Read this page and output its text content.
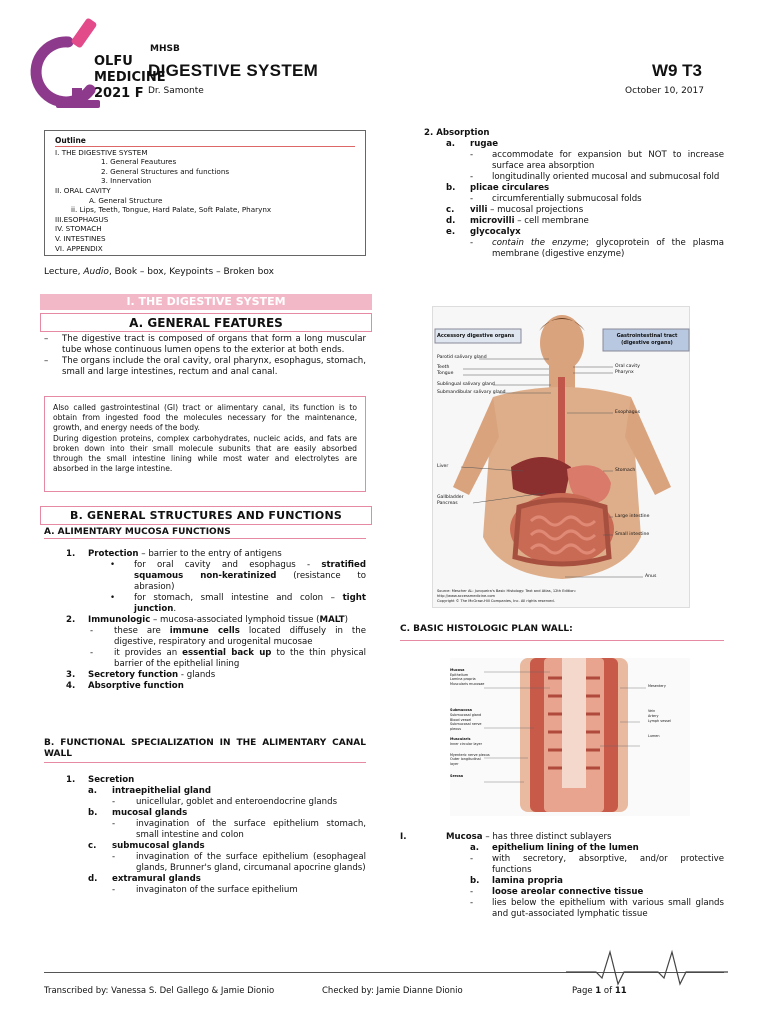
OLFU
MEDICINE
2021 F
MHSB
DIGESTIVE SYSTEM
Dr. Samonte
W9 T3
October 10, 2017
Outline
I. THE DIGESTIVE SYSTEM
1. General Feautures
2. General Structures and functions
3. Innervation
II. ORAL CAVITY
A. General Structure
ii. Lips, Teeth, Tongue, Hard Palate, Soft Palate, Pharynx
III.ESOPHAGUS
IV. STOMACH
V. INTESTINES
VI. APPENDIX
Lecture, Audio, Book – box, Keypoints – Broken box
I. THE DIGESTIVE SYSTEM
A. GENERAL FEATURES
–	The digestive tract is composed of organs that form a long muscular tube whose continuous lumen opens to the exterior at both ends.
–	The organs include the oral cavity, oral pharynx, esophagus, stomach, small and large intestines, rectum and anal canal.
Also called gastrointestinal (GI) tract or alimentary canal, its function is to obtain from ingested food the molecules necessary for the maintenance, growth, and energy needs of the body.
During digestion proteins, complex carbohydrates, nucleic acids, and fats are broken down into their small molecule subunits that are easily absorbed through the small intestine lining while most water and electrolytes are absorbed in the large intestine.
B. GENERAL STRUCTURES AND FUNCTIONS
A. ALIMENTARY MUCOSA FUNCTIONS
1.	Protection – barrier to the entry of antigens
•	for oral cavity and esophagus - stratified squamous non-keratinized (resistance to abrasion)
•	for stomach, small intestine and colon – tight junction.
2.	Immunologic – mucosa-associated lymphoid tissue (MALT)
-	these are immune cells located diffusely in the digestive, respiratory and urogenital mucosae
-	it provides an essential back up to the thin physical barrier of the epithelial lining
3.	Secretory function - glands
4.	Absorptive function
B. FUNCTIONAL SPECIALIZATION IN THE ALIMENTARY CANAL WALL
1.	Secretion
a.	intraepithelial gland
-	unicellular, goblet and enteroendocrine glands
b.	mucosal glands
-	invagination of the surface epithelium stomach, small intestine and colon
c.	submucosal glands
-	invagination of the surface epithelium (esophageal glands, Brunner's gland, circumanal apocrine glands)
d.	extramural glands
-	invaginaton of the surface epithelium
2. Absorption
a.	rugae
-	accommodate for expansion but NOT to increase surface area absorption
-	longitudinally oriented mucosal and submucosal fold
b.	plicae circulares
-	circumferentially submucosal folds
c.	villi – mucosal projections
d.	microvilli – cell membrane
e.	glycocalyx
-	contain the enzyme; glycoprotein of the plasma membrane (digestive enzyme)
Accessory digestive organs	Gastrointestinal tract (digestive organs)
Parotid salivary gland
Teeth
Tongue
Sublingual salivary gland
Submandibular salivary gland
Liver
Gallbladder
Pancreas
Oral cavity
Pharynx
Esophagus
Stomach
Large intestine
Small intestine
Anus
Source: Mescher AL: Junqueira's Basic Histology: Text and Atlas, 12th Edition: http://www.accessmedicine.com
Copyright © The McGraw-Hill Companies, Inc. All rights reserved.
C. BASIC HISTOLOGIC PLAN WALL:
Mucosa
Epithelium
Lamina propria
Muscularis mucosae
Submucosa
Submucosal gland
Blood vessel
Submucosal nerve plexus
Muscularis
Inner circular layer
Myenteric nerve plexus
Outer longitudinal layer
Serosa
Mesentery
Vein
Artery
Lymph vessel
Lumen
I.	Mucosa – has three distinct sublayers
a.	epithelium lining of the lumen
-	with secretory, absorptive, and/or protective functions
b.	lamina propria
-	loose areolar connective tissue
-	lies below the epithelium with various small glands and gut-associated lymphatic tissue
Transcribed by: Vanessa S. Del Gallego & Jamie Dionio	Checked by: Jamie Dianne Dionio	Page 1 of 11
